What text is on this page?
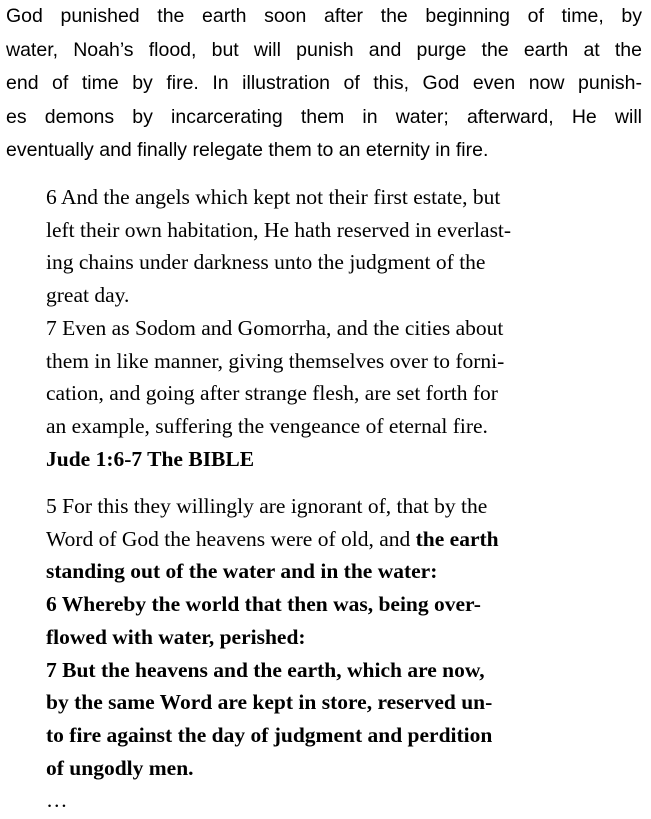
God punished the earth soon after the beginning of time, by
water, Noah’s flood, but will punish and purge the earth at the
end of time by fire. In illustration of this, God even now punish-
es demons by incarcerating them in water; afterward, He will
eventually and finally relegate them to an eternity in fire.
6 And the angels which kept not their first estate, but
left their own habitation, He hath reserved in everlast-
ing chains under darkness unto the judgment of the
great day.
7 Even as Sodom and Gomorrha, and the cities about
them in like manner, giving themselves over to forni-
cation, and going after strange flesh, are set forth for
an example, suffering the vengeance of eternal fire.
Jude 1:6-7 The BIBLE
5 For this they willingly are ignorant of, that by the
Word of God the heavens were of old, and the earth
standing out of the water and in the water:
6 Whereby the world that then was, being over-
flowed with water, perished:
7 But the heavens and the earth, which are now,
by the same Word are kept in store, reserved un-
to fire against the day of judgment and perdition
of ungodly men.
…
